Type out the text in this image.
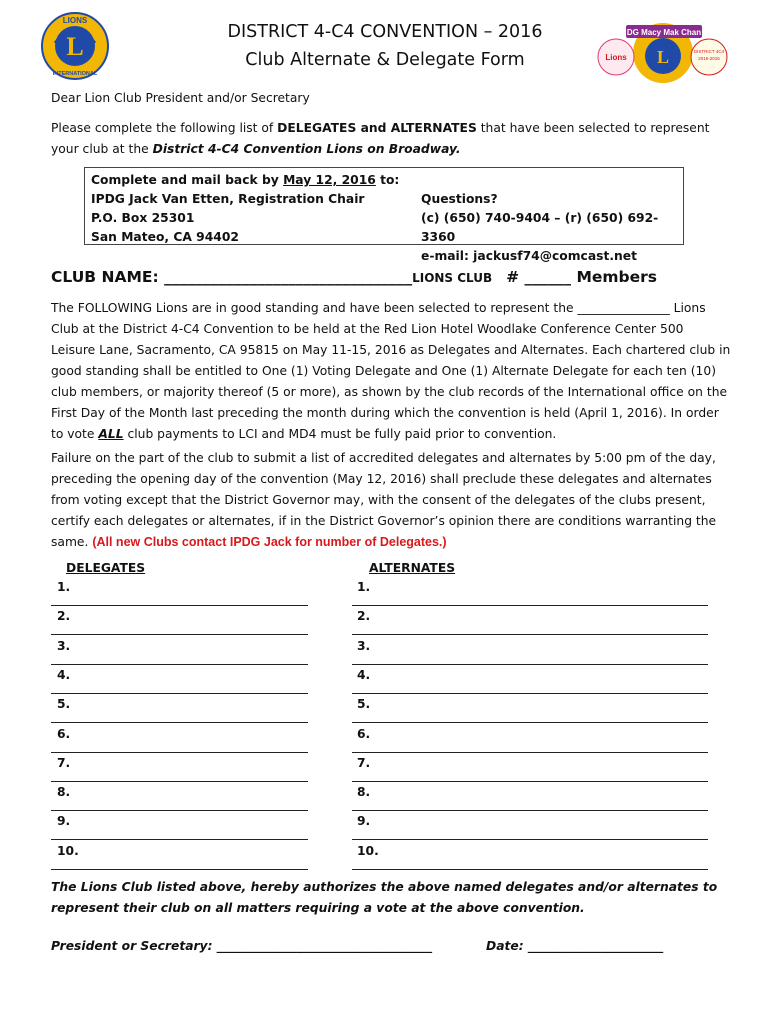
L
LIONS
INTERNATIONAL
L
Lions
DISTRICT 4C4
2015-2016
DG Macy Mak Chan
DISTRICT 4-C4 CONVENTION – 2016
Club Alternate & Delegate Form

Dear Lion Club President and/or Secretary

Please complete the following list of DELEGATES and ALTERNATES that have been selected to represent your club at the District 4-C4 Convention Lions on Broadway.

Complete and mail back by May 12, 2016 to:
IPDG Jack Van Etten, Registration Chair
P.O. Box 25301
San Mateo, CA 94402
Questions?
(c) (650) 740-9404 – (r) (650) 692-3360
e-mail: jackusf74@comcast.net
CLUB NAME: ________________________________LIONS CLUB # ______ Members

The FOLLOWING Lions are in good standing and have been selected to represent the _______________ Lions Club at the District 4-C4 Convention to be held at the Red Lion Hotel Woodlake Conference Center 500 Leisure Lane, Sacramento, CA 95815 on May 11-15, 2016 as Delegates and Alternates. Each chartered club in good standing shall be entitled to One (1) Voting Delegate and One (1) Alternate Delegate for each ten (10) club members, or majority thereof (5 or more), as shown by the club records of the International office on the First Day of the Month last preceding the month during which the convention is held (April 1, 2016). In order to vote ALL club payments to LCI and MD4 must be fully paid prior to convention.

Failure on the part of the club to submit a list of accredited delegates and alternates by 5:00 pm of the day, preceding the opening day of the convention (May 12, 2016) shall preclude these delegates and alternates from voting except that the District Governor may, with the consent of the delegates of the clubs present, certify each delegates or alternates, if in the District Governor’s opinion there are conditions warranting the same. (All new Clubs contact IPDG Jack for number of Delegates.)

DELEGATES	ALTERNATES
1.	1.
2.	2.
3.	3.
4.	4.
5.	5.
6.	6.
7.	7.
8.	8.
9.	9.
10.	10.

The Lions Club listed above, hereby authorizes the above named delegates and/or alternates to represent their club on all matters requiring a vote at the above convention.

President or Secretary: ___________________________________	Date: ______________________
